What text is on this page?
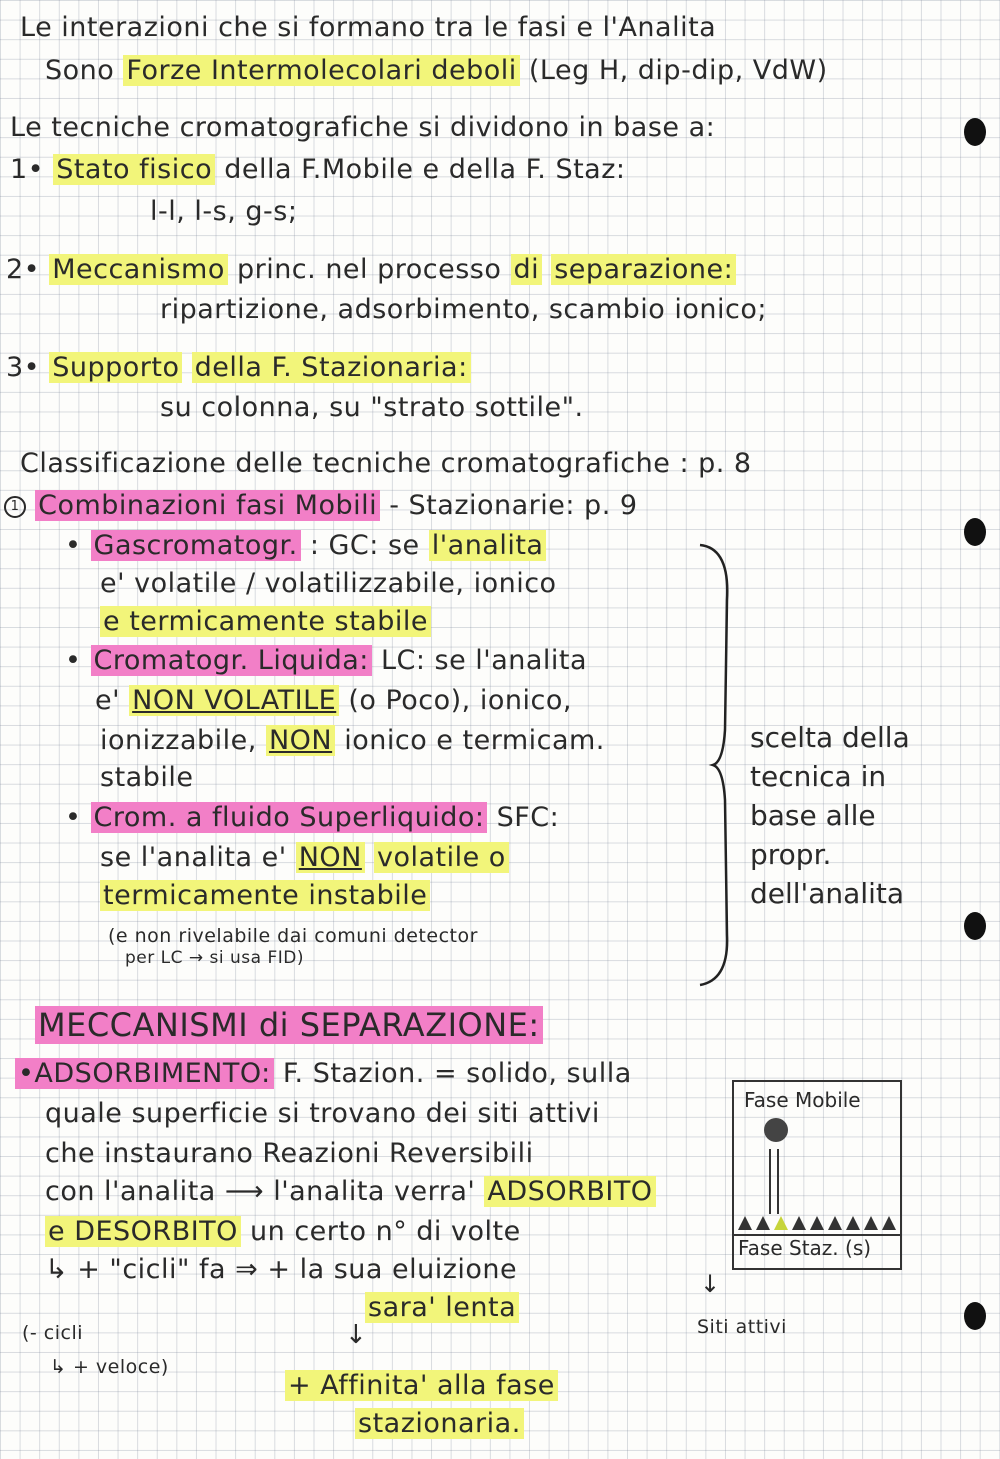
Le interazioni che si formano tra le fasi e l'Analita
Sono Forze Intermolecolari deboli (Leg H, dip-dip, VdW)
Le tecniche cromatografiche si dividono in base a:
1• Stato fisico della F.Mobile e della F. Staz:
l-l, l-s, g-s;
2• Meccanismo princ. nel processo di separazione:
ripartizione, adsorbimento, scambio ionico;
3• Supporto della F. Stazionaria:
su colonna, su "strato sottile".
Classificazione delle tecniche cromatografiche : p. 8
1 Combinazioni fasi Mobili - Stazionarie: p. 9
• Gascromatogr. : GC: se l'analita
e' volatile / volatilizzabile, ionico
e termicamente stabile
• Cromatogr. Liquida: LC: se l'analita
e' NON VOLATILE (o Poco), ionico,
ionizzabile, NON ionico e termicam.
stabile
• Crom. a fluido Superliquido: SFC:
se l'analita e' NON volatile o
termicamente instabile
(e non rivelabile dai comuni detector
per LC → si usa FID)
scelta della
tecnica in
base alle
propr.
dell'analita
MECCANISMI di SEPARAZIONE:
•ADSORBIMENTO: F. Stazion. = solido, sulla
quale superficie si trovano dei siti attivi
che instaurano Reazioni Reversibili
con l'analita ⟶ l'analita verra' ADSORBITO
e DESORBITO un certo n° di volte
↳ + "cicli" fa ⇒ + la sua eluizione
sara' lenta
(- cicli
↳ + veloce)
↓
+ Affinita' alla fase
stazionaria.
Fase Mobile
Fase Staz. (s)
↓
Siti attivi
